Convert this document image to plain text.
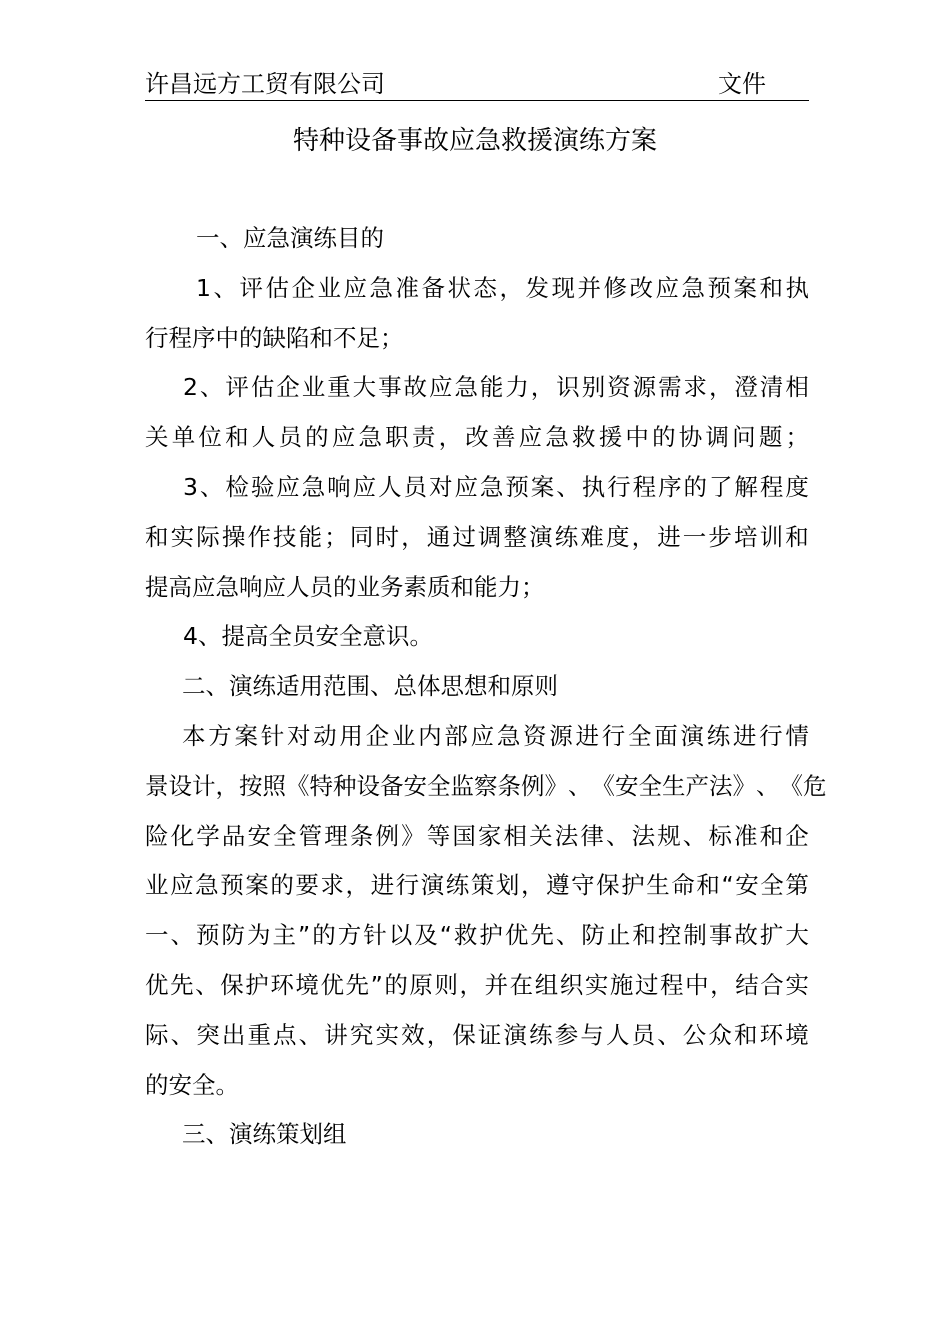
许昌远方工贸有限公司	文件
特种设备事故应急救援演练方案
一、应急演练目的
1 、 评 估 企 业 应 急 准 备 状 态 ， 发 现 并 修 改 应 急 预 案 和 执
行程序中的缺陷和不足；
2 、 评 估 企 业 重 大 事 故 应 急 能 力 ， 识 别 资 源 需 求 ， 澄 清 相
关 单 位 和 人 员 的 应 急 职 责 ， 改 善 应 急 救 援 中 的 协 调 问 题 ；
3 、 检 验 应 急 响 应 人 员 对 应 急 预 案 、 执 行 程 序 的 了 解 程 度
和 实 际 操 作 技 能 ； 同 时 ， 通 过 调 整 演 练 难 度 ， 进 一 步 培 训 和
提高应急响应人员的业务素质和能力；
4、提高全员安全意识。
二、演练适用范围、总体思想和原则
本 方 案 针 对 动 用 企 业 内 部 应 急 资 源 进 行 全 面 演 练 进 行 情
景 设 计 ， 按 照 《 特 种 设 备 安 全 监 察 条 例 》 、 《 安 全 生 产 法 》 、 《 危
险 化 学 品 安 全 管 理 条 例 》 等 国 家 相 关 法 律 、 法 规 、 标 准 和 企
业 应 急 预 案 的 要 求 ， 进 行 演 练 策 划 ， 遵 守 保 护 生 命 和 “ 安 全 第
一 、 预 防 为 主 ” 的 方 针 以 及 “ 救 护 优 先 、 防 止 和 控 制 事 故 扩 大
优 先 、 保 护 环 境 优 先 ” 的 原 则 ， 并 在 组 织 实 施 过 程 中 ， 结 合 实
际 、 突 出 重 点 、 讲 究 实 效 ， 保 证 演 练 参 与 人 员 、 公 众 和 环 境
的安全。
三、演练策划组
